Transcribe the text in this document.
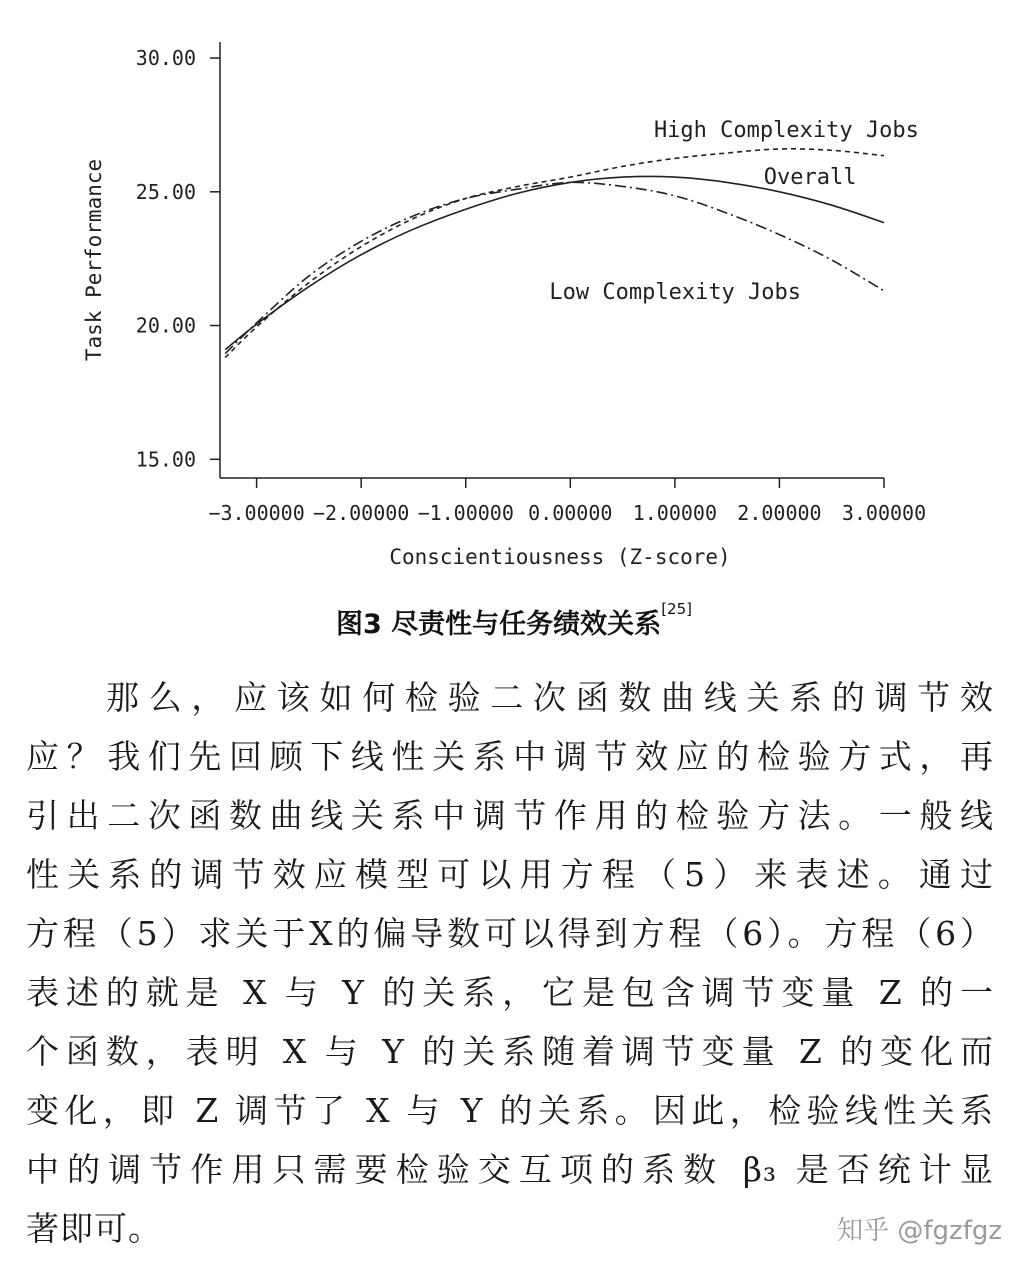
15.00
20.00
25.00
30.00
−3.00000 −2.00000 −1.00000 0.00000 1.00000 2.00000 3.00000
High Complexity Jobs
Overall
Low Complexity Jobs
Conscientiousness (Z-score)
Task Performance
图3 尽责性与任务绩效关系[25]
那么，应该如何检验二次函数曲线关系的调节效
应？我们先回顾下线性关系中调节效应的检验方式，再
引出二次函数曲线关系中调节作用的检验方法。一般线
性关系的调节效应模型可以用方程（5）来表述。通过
方程（5）求关于X的偏导数可以得到方程（6）。方程（6）
表述的就是 X 与 Y 的关系，它是包含调节变量 Z 的一
个函数，表明 X 与 Y 的关系随着调节变量 Z 的变化而
变化，即 Z 调节了 X 与 Y 的关系。因此，检验线性关系
中的调节作用只需要检验交互项的系数 β₃ 是否统计显
著即可。	知乎 @fgzfgz
